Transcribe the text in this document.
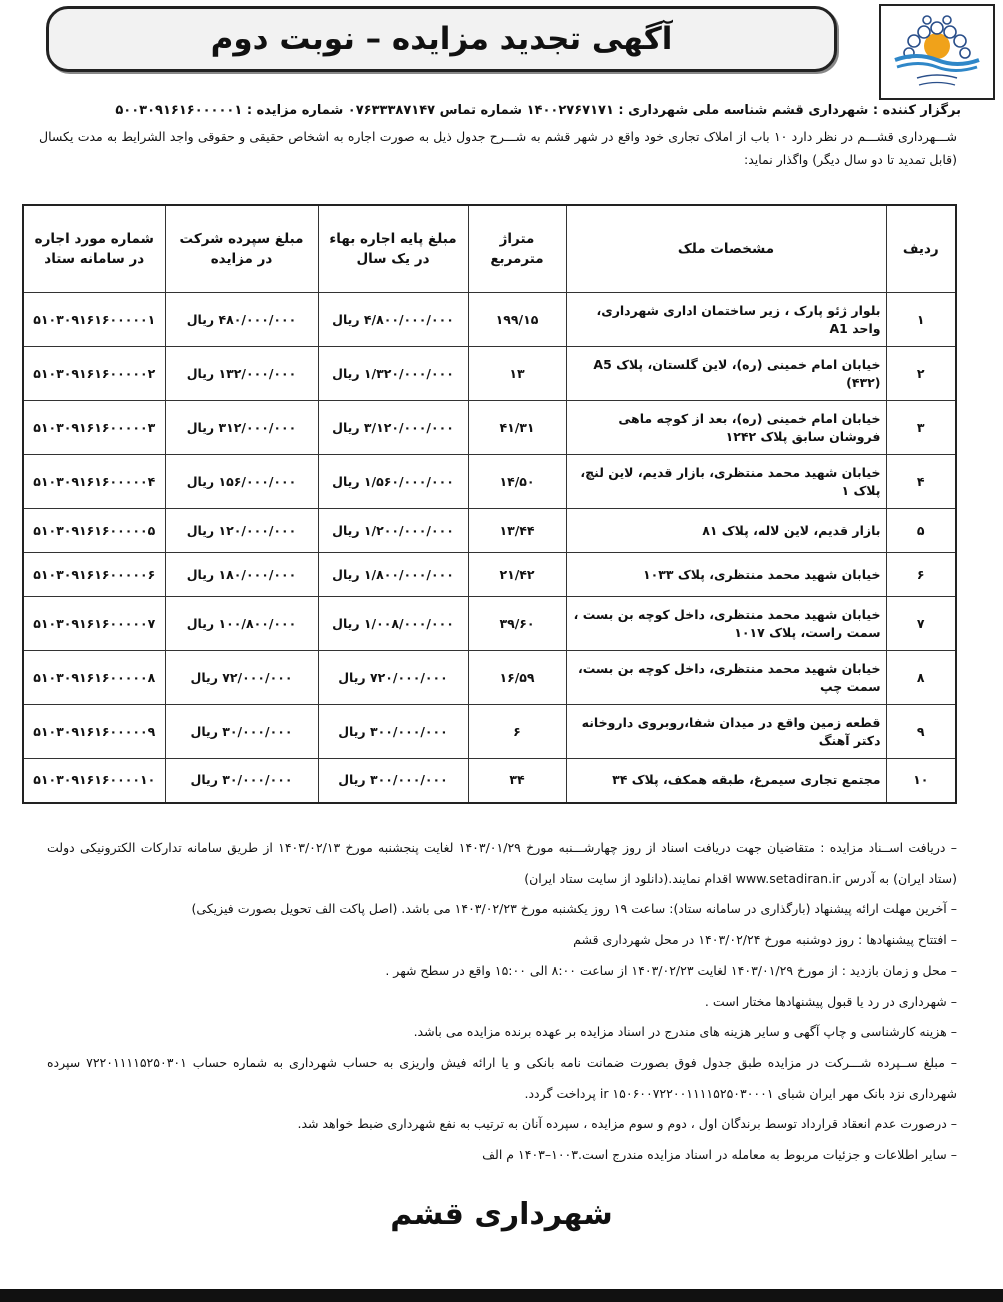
آگهی تجدید مزایده – نوبت دوم
برگزار کننده : شهرداری قشم شناسه ملی شهرداری : ۱۴۰۰۲۷۶۷۱۷۱ شماره تماس ۰۷۶۳۳۳۸۷۱۴۷ شماره مزایده : ۵۰۰۳۰۹۱۶۱۶۰۰۰۰۰۱
شـــهرداری قشـــم در نظر دارد ۱۰ باب از املاک تجاری خود واقع در شهر قشم به شـــرح جدول ذیل به صورت اجاره به اشخاص حقیقی و حقوقی واجد الشرایط به مدت یکسال (قابل تمدید تا دو سال دیگر) واگذار نماید:
ردیف	مشخصات ملک	متراژ مترمربع	مبلغ پایه اجاره بهاء در یک سال	مبلغ سپرده شرکت در مزایده	شماره مورد اجاره در سامانه ستاد
۱	بلوار ژئو پارک ، زیر ساختمان اداری شهرداری، واحد A1	۱۹۹/۱۵	۴/۸۰۰/۰۰۰/۰۰۰ ریال	۴۸۰/۰۰۰/۰۰۰ ریال	۵۱۰۳۰۹۱۶۱۶۰۰۰۰۰۱
۲	خیابان امام خمینی (ره)، لاین گلستان، پلاک A5 (۴۳۲)	۱۳	۱/۳۲۰/۰۰۰/۰۰۰ ریال	۱۳۲/۰۰۰/۰۰۰ ریال	۵۱۰۳۰۹۱۶۱۶۰۰۰۰۰۲
۳	خیابان امام خمینی (ره)، بعد از کوچه ماهی فروشان سابق پلاک ۱۲۴۲	۴۱/۳۱	۳/۱۲۰/۰۰۰/۰۰۰ ریال	۳۱۲/۰۰۰/۰۰۰ ریال	۵۱۰۳۰۹۱۶۱۶۰۰۰۰۰۳
۴	خیابان شهید محمد منتظری، بازار قدیم، لاین لنچ، پلاک ۱	۱۴/۵۰	۱/۵۶۰/۰۰۰/۰۰۰ ریال	۱۵۶/۰۰۰/۰۰۰ ریال	۵۱۰۳۰۹۱۶۱۶۰۰۰۰۰۴
۵	بازار قدیم، لاین لاله، پلاک ۸۱	۱۳/۴۴	۱/۲۰۰/۰۰۰/۰۰۰ ریال	۱۲۰/۰۰۰/۰۰۰ ریال	۵۱۰۳۰۹۱۶۱۶۰۰۰۰۰۵
۶	خیابان شهید محمد منتظری، پلاک ۱۰۳۳	۲۱/۴۲	۱/۸۰۰/۰۰۰/۰۰۰ ریال	۱۸۰/۰۰۰/۰۰۰ ریال	۵۱۰۳۰۹۱۶۱۶۰۰۰۰۰۶
۷	خیابان شهید محمد منتظری، داخل کوچه بن بست ، سمت راست، پلاک ۱۰۱۷	۳۹/۶۰	۱/۰۰۸/۰۰۰/۰۰۰ ریال	۱۰۰/۸۰۰/۰۰۰ ریال	۵۱۰۳۰۹۱۶۱۶۰۰۰۰۰۷
۸	خیابان شهید محمد منتظری، داخل کوچه بن بست، سمت چپ	۱۶/۵۹	۷۲۰/۰۰۰/۰۰۰ ریال	۷۲/۰۰۰/۰۰۰ ریال	۵۱۰۳۰۹۱۶۱۶۰۰۰۰۰۸
۹	قطعه زمین واقع در میدان شفا،روبروی داروخانه دکتر آهنگ	۶	۳۰۰/۰۰۰/۰۰۰ ریال	۳۰/۰۰۰/۰۰۰ ریال	۵۱۰۳۰۹۱۶۱۶۰۰۰۰۰۹
۱۰	مجتمع تجاری سیمرغ، طبقه همکف، پلاک ۳۴	۳۴	۳۰۰/۰۰۰/۰۰۰ ریال	۳۰/۰۰۰/۰۰۰ ریال	۵۱۰۳۰۹۱۶۱۶۰۰۰۰۱۰

– دریافت اســناد مزایده : متقاضیان جهت دریافت اسناد از روز چهارشـــنبه مورخ ۱۴۰۳/۰۱/۲۹ لغایت پنجشنبه مورخ ۱۴۰۳/۰۲/۱۳ از طریق سامانه تدارکات الکترونیکی دولت (ستاد ایران) به آدرس www.setadiran.ir اقدام نمایند.(دانلود از سایت ستاد ایران)

– آخرین مهلت ارائه پیشنهاد (بارگذاری در سامانه ستاد): ساعت ۱۹ روز یکشنبه مورخ ۱۴۰۳/۰۲/۲۳ می باشد. (اصل پاکت الف تحویل بصورت فیزیکی)

– افتتاح پیشنهادها : روز دوشنبه مورخ ۱۴۰۳/۰۲/۲۴ در محل شهرداری قشم

– محل و زمان بازدید : از مورخ ۱۴۰۳/۰۱/۲۹ لغایت ۱۴۰۳/۰۲/۲۳ از ساعت ۸:۰۰ الی ۱۵:۰۰ واقع در سطح شهر .

– شهرداری در رد یا قبول پیشنهادها مختار است .

– هزینه کارشناسی و چاپ آگهی و سایر هزینه های مندرج در اسناد مزایده بر عهده برنده مزایده می باشد.

– مبلغ ســپرده شـــرکت در مزایده طبق جدول فوق بصورت ضمانت نامه بانکی و یا ارائه فیش واریزی به حساب شهرداری به شماره حساب ۷۲۲۰۱۱۱۱۵۲۵۰۳۰۱ سپرده شهرداری نزد بانک مهر ایران شبای ir ۱۵۰۶۰۰۷۲۲۰۰۱۱۱۱۵۲۵۰۳۰۰۰۱ پرداخت گردد.

– درصورت عدم انعقاد قرارداد توسط برندگان اول ، دوم و سوم مزایده ، سپرده آنان به ترتیب به نفع شهرداری ضبط خواهد شد.

– سایر اطلاعات و جزئیات مربوط به معامله در اسناد مزایده مندرج است.۱۰۰۳–۱۴۰۳ م الف

شهرداری قشم
